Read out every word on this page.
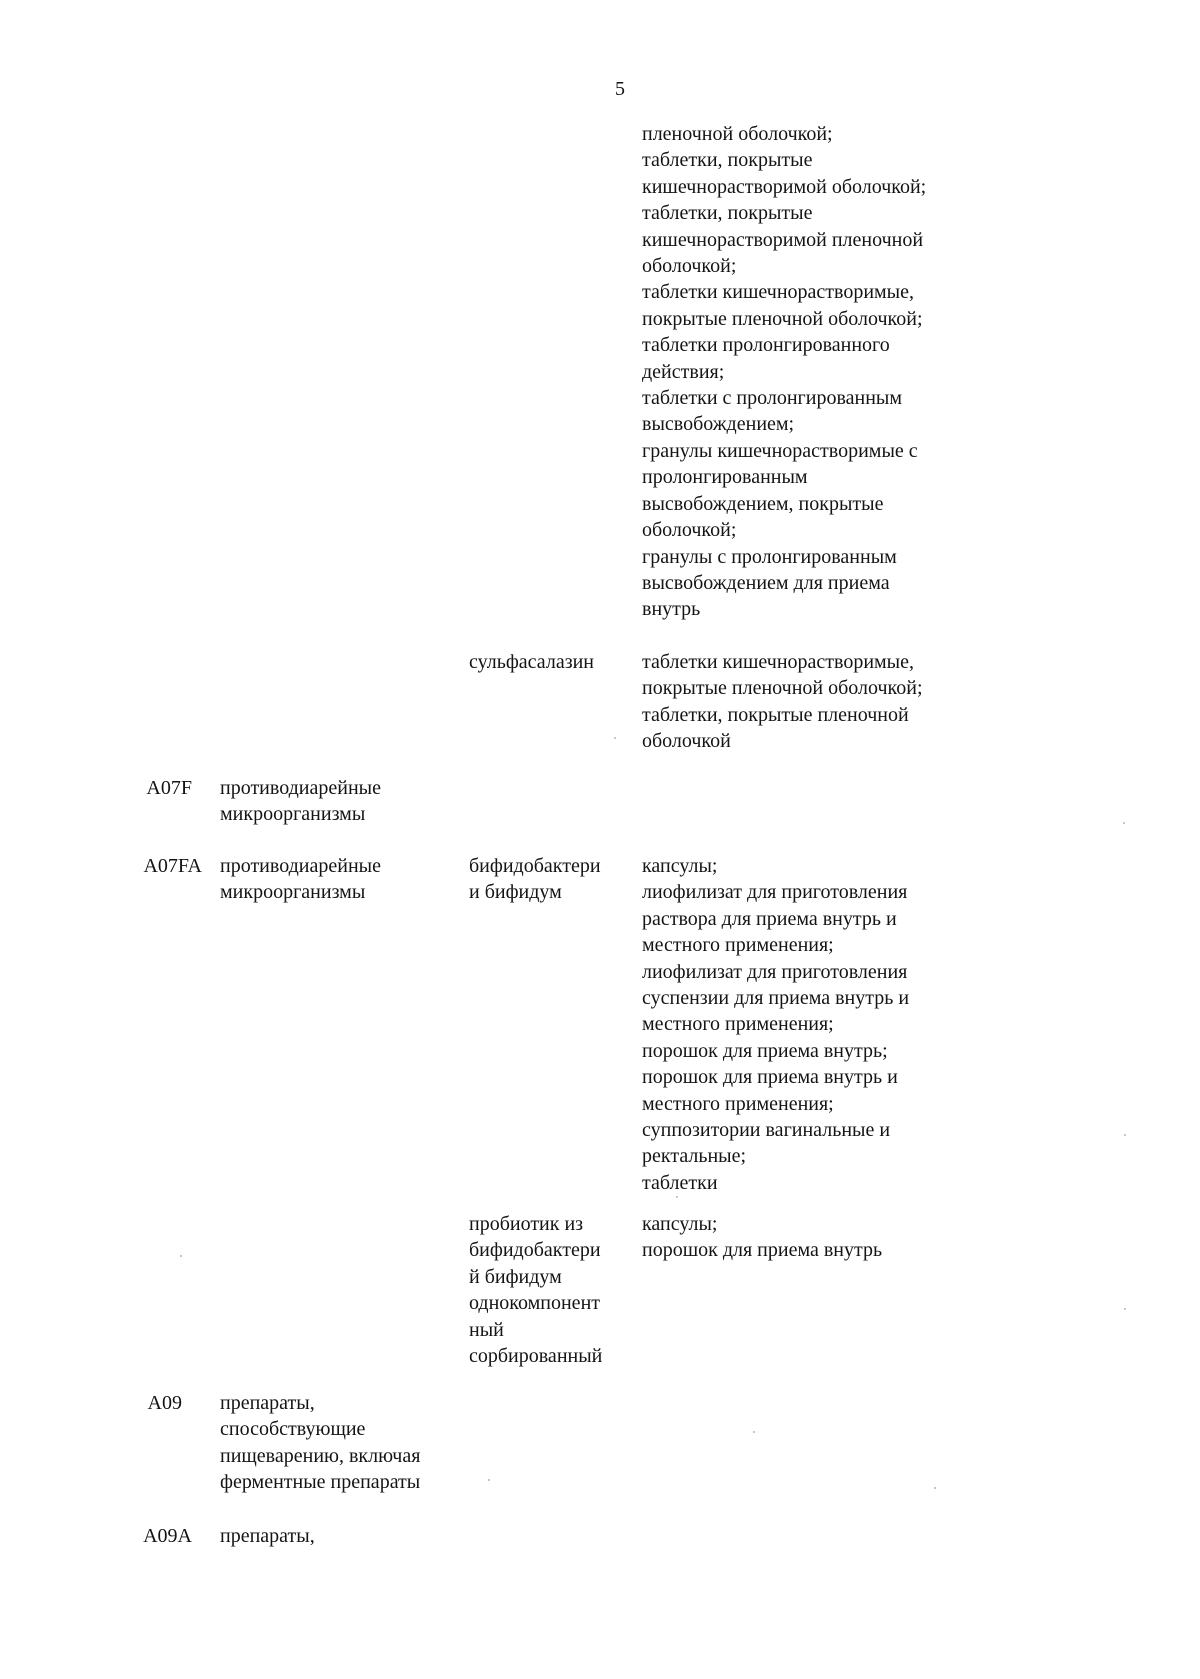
5
пленочной оболочкой;
таблетки, покрытые
кишечнорастворимой оболочкой;
таблетки, покрытые
кишечнорастворимой пленочной
оболочкой;
таблетки кишечнорастворимые,
покрытые пленочной оболочкой;
таблетки пролонгированного
действия;
таблетки с пролонгированным
высвобождением;
гранулы кишечнорастворимые с
пролонгированным
высвобождением, покрытые
оболочкой;
гранулы с пролонгированным
высвобождением для приема
внутрь
сульфасалазин	таблетки кишечнорастворимые,
покрытые пленочной оболочкой;
таблетки, покрытые пленочной
оболочкой
A07F противодиарейные
микроорганизмы
A07FA противодиарейные
микроорганизмы
бифидобактери
и бифидум
капсулы;
лиофилизат для приготовления
раствора для приема внутрь и
местного применения;
лиофилизат для приготовления
суспензии для приема внутрь и
местного применения;
порошок для приема внутрь;
порошок для приема внутрь и
местного применения;
суппозитории вагинальные и
ректальные;
таблетки
пробиотик из
бифидобактери
й бифидум
однокомпонент
ный
сорбированный
капсулы;
порошок для приема внутрь
A09 препараты,
способствующие
пищеварению, включая
ферментные препараты
A09A препараты,
